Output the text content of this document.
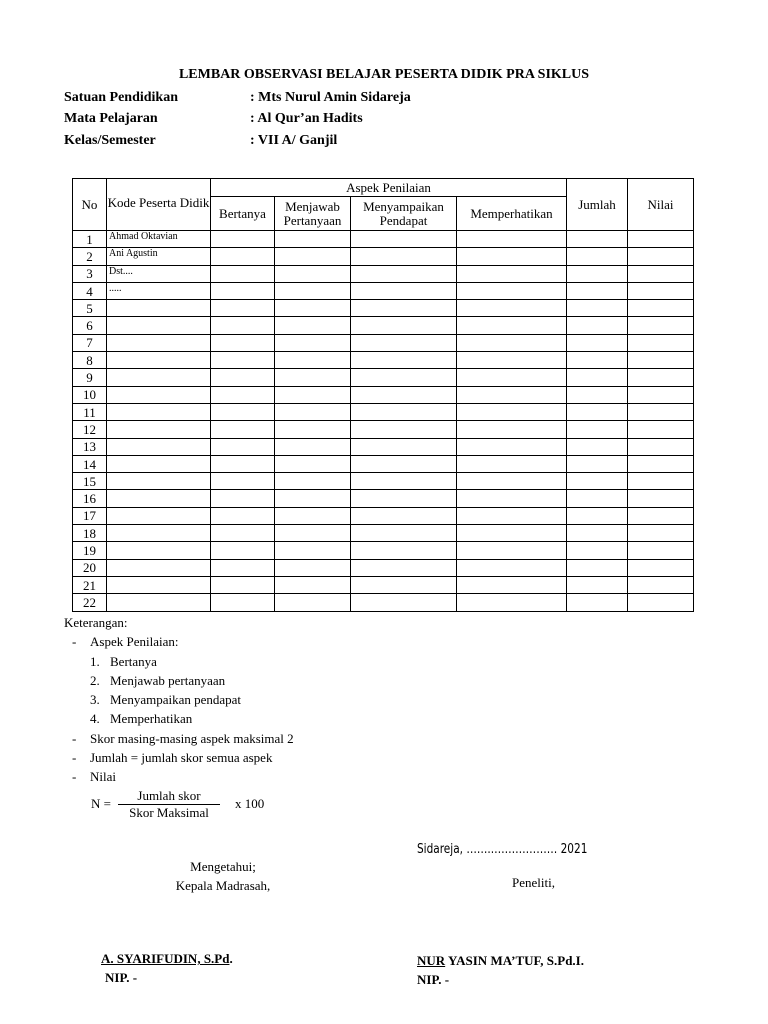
LEMBAR OBSERVASI BELAJAR PESERTA DIDIK PRA SIKLUS
Satuan Pendidikan	: Mts Nurul Amin Sidareja
Mata Pelajaran	: Al Qur’an Hadits
Kelas/Semester	: VII A/ Ganjil
No	Kode Peserta Didik	Aspek Penilaian				Jumlah	Nilai
		Bertanya	Menjawab Pertanyaan	Menyampaikan Pendapat	Memperhatikan		
1	Ahmad Oktavian						
2	Ani Agustin						
3	Dst....						
4	.....						
5							
6							
7							
8							
9							
10							
11							
12							
13							
14							
15							
16							
17							
18							
19							
20							
21							
22							
Keterangan:
- Aspek Penilaian:
1. Bertanya
2. Menjawab pertanyaan
3. Menyampaikan pendapat
4. Memperhatikan
- Skor masing-masing aspek maksimal 2
- Jumlah = jumlah skor semua aspek
- Nilai
N =
Jumlah skor
Skor Maksimal
x 100
Sidareja, ……..……………… 2021
Mengetahui;
Kepala Madrasah,	Peneliti,
A. SYARIFUDIN, S.Pd.
NIP. -
NUR YASIN MA’TUF, S.Pd.I.
NIP. -
